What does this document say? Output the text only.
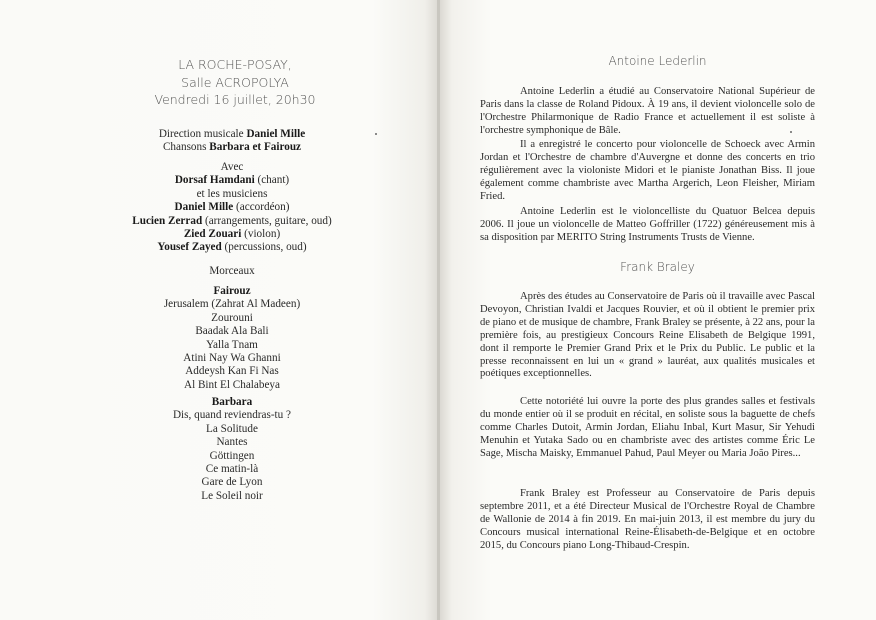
LA ROCHE-POSAY,
Salle ACROPOLYA
Vendredi 16 juillet, 20h30
Direction musicale Daniel Mille
Chansons Barbara et Fairouz
Avec
Dorsaf Hamdani (chant)
et les musiciens
Daniel Mille (accordéon)
Lucien Zerrad (arrangements, guitare, oud)
Zied Zouari (violon)
Yousef Zayed (percussions, oud)
Morceaux
Fairouz
Jerusalem (Zahrat Al Madeen)
Zourouni
Baadak Ala Bali
Yalla Tnam
Atini Nay Wa Ghanni
Addeysh Kan Fi Nas
Al Bint El Chalabeya
Barbara
Dis, quand reviendras-tu ?
La Solitude
Nantes
Göttingen
Ce matin-là
Gare de Lyon
Le Soleil noir
Antoine Lederlin
Antoine Lederlin a étudié au Conservatoire National Supérieur de Paris dans la classe de Roland Pidoux. À 19 ans, il devient violoncelle solo de l'Orchestre Philarmonique de Radio France et actuellement il est soliste à l'orchestre symphonique de Bâle.
Il a enregistré le concerto pour violoncelle de Schoeck avec Armin Jordan et l'Orchestre de chambre d'Auvergne et donne des concerts en trio régulièrement avec la violoniste Midori et le pianiste Jonathan Biss. Il joue également comme chambriste avec Martha Argerich, Leon Fleisher, Miriam Fried.
Antoine Lederlin est le violoncelliste du Quatuor Belcea depuis 2006. Il joue un violoncelle de Matteo Goffriller (1722) généreusement mis à sa disposition par MERITO String Instruments Trusts de Vienne.
Frank Braley
Après des études au Conservatoire de Paris où il travaille avec Pascal Devoyon, Christian Ivaldi et Jacques Rouvier, et où il obtient le premier prix de piano et de musique de chambre, Frank Braley se présente, à 22 ans, pour la première fois, au prestigieux Concours Reine Elisabeth de Belgique 1991, dont il remporte le Premier Grand Prix et le Prix du Public. Le public et la presse reconnaissent en lui un « grand » lauréat, aux qualités musicales et poétiques exceptionnelles.
Cette notoriété lui ouvre la porte des plus grandes salles et festivals du monde entier où il se produit en récital, en soliste sous la baguette de chefs comme Charles Dutoit, Armin Jordan, Eliahu Inbal, Kurt Masur, Sir Yehudi Menuhin et Yutaka Sado ou en chambriste avec des artistes comme Éric Le Sage, Mischa Maisky, Emmanuel Pahud, Paul Meyer ou Maria João Pires...
Frank Braley est Professeur au Conservatoire de Paris depuis septembre 2011, et a été Directeur Musical de l'Orchestre Royal de Chambre de Wallonie de 2014 à fin 2019. En mai-juin 2013, il est membre du jury du Concours musical international Reine-Élisabeth-de-Belgique et en octobre 2015, du Concours piano Long-Thibaud-Crespin.
